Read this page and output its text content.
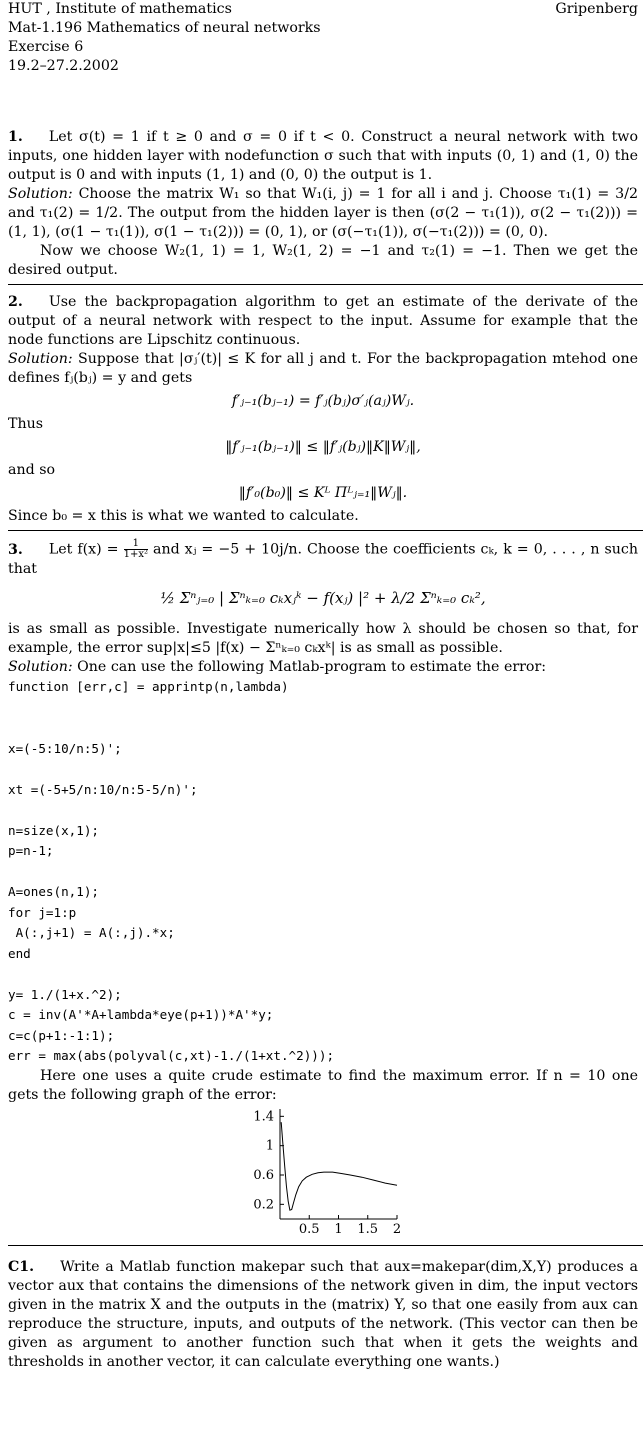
HUT , Institute of mathematics	Gripenberg
Mat-1.196 Mathematics of neural networks
Exercise 6
19.2–27.2.2002

1. Let σ(t) = 1 if t ≥ 0 and σ = 0 if t < 0. Construct a neural network with two inputs, one hidden layer with nodefunction σ such that with inputs (0, 1) and (1, 0) the output is 0 and with inputs (1, 1) and (0, 0) the output is 1.

Solution: Choose the matrix W₁ so that W₁(i, j) = 1 for all i and j. Choose τ₁(1) = 3/2 and τ₁(2) = 1/2. The output from the hidden layer is then (σ(2 − τ₁(1)), σ(2 − τ₁(2))) = (1, 1), (σ(1 − τ₁(1)), σ(1 − τ₁(2))) = (0, 1), or (σ(−τ₁(1)), σ(−τ₁(2))) = (0, 0).

Now we choose W₂(1, 1) = 1, W₂(1, 2) = −1 and τ₂(1) = −1. Then we get the desired output.

2. Use the backpropagation algorithm to get an estimate of the derivate of the output of a neural network with respect to the input. Assume for example that the node functions are Lipschitz continuous.

Solution: Suppose that |σⱼ′(t)| ≤ K for all j and t. For the backpropagation mtehod one defines fⱼ(bⱼ) = y and gets

f′ⱼ₋₁(bⱼ₋₁) = f′ⱼ(bⱼ)σ′ⱼ(aⱼ)Wⱼ.
Thus
‖f′ⱼ₋₁(bⱼ₋₁)‖ ≤ ‖f′ⱼ(bⱼ)‖K‖Wⱼ‖,
and so
‖f′₀(b₀)‖ ≤ Kᴸ Πᴸⱼ₌₁‖Wⱼ‖.
Since b₀ = x this is what we wanted to calculate.

3. Let $f(x) = \frac{1}{\text{1+x²}}$ and xⱼ = −5 + 10j/n. Choose the coefficients cₖ, k = 0, . . . , n such that

½ Σⁿⱼ₌₀ | Σⁿₖ₌₀ cₖxⱼᵏ − f(xⱼ) |² + λ/2 Σⁿₖ₌₀ cₖ²,

is as small as possible. Investigate numerically how λ should be chosen so that, for example, the error sup|x|≤5 |f(x) − Σⁿₖ₌₀ cₖxᵏ| is as small as possible.

Solution: One can use the following Matlab-program to estimate the error:

function [err,c] = apprintp(n,lambda)

x=(-5:10/n:5)';

xt =(-5+5/n:10/n:5-5/n)';

n=size(x,1);
p=n-1;

A=ones(n,1);
for j=1:p
A(:,j+1) = A(:,j).*x;
end

y= 1./(1+x.^2);
c = inv(A'*A+lambda*eye(p+1))*A'*y;
c=c(p+1:-1:1);
err = max(abs(polyval(c,xt)-1./(1+xt.^2)));

Here one uses a quite crude estimate to find the maximum error. If n = 10 one gets the following graph of the error:

0.5 1 1.5 2
0.2
0.6
1
1.4

C1. Write a Matlab function makepar such that aux=makepar(dim,X,Y) produces a vector aux that contains the dimensions of the network given in dim, the input vectors given in the matrix X and the outputs in the (matrix) Y, so that one easily from aux can reproduce the structure, inputs, and outputs of the network. (This vector can then be given as argument to another function such that when it gets the weights and thresholds in another vector, it can calculate everything one wants.)
